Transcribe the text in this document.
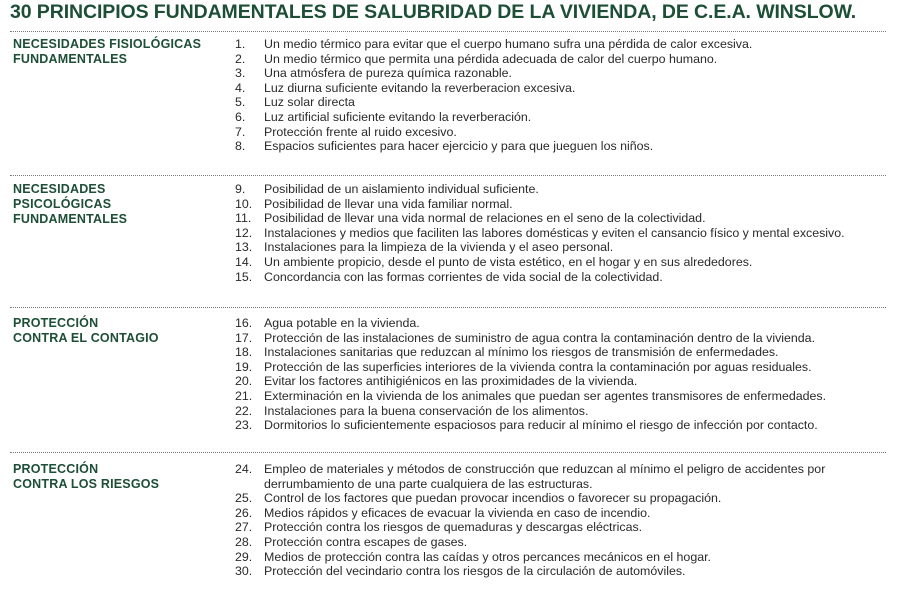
30 PRINCIPIOS FUNDAMENTALES DE SALUBRIDAD DE LA VIVIENDA, DE C.E.A. WINSLOW.
NECESIDADES FISIOLÓGICAS
FUNDAMENTALES
1.	Un medio térmico para evitar que el cuerpo humano sufra una pérdida de calor excesiva.
2.	Un medio térmico que permita una pérdida adecuada de calor del cuerpo humano.
3.	Una atmósfera de pureza química razonable.
4.	Luz diurna suficiente evitando la reverberacion excesiva.
5.	Luz solar directa
6.	Luz artificial suficiente evitando la reverberación.
7.	Protección frente al ruido excesivo.
8.	Espacios suficientes para hacer ejercicio y para que jueguen los niños.
NECESIDADES
PSICOLÓGICAS
FUNDAMENTALES
9.	Posibilidad de un aislamiento individual suficiente.
10. Posibilidad de llevar una vida familiar normal.
11.	Posibilidad de llevar una vida normal de relaciones en el seno de la colectividad.
12. Instalaciones y medios que faciliten las labores domésticas y eviten el cansancio físico y mental excesivo.
13. Instalaciones para la limpieza de la vivienda y el aseo personal.
14. Un ambiente propicio, desde el punto de vista estético, en el hogar y en sus alrededores.
15. Concordancia con las formas corrientes de vida social de la colectividad.
PROTECCIÓN
CONTRA EL CONTAGIO
16. Agua potable en la vivienda.
17. Protección de las instalaciones de suministro de agua contra la contaminación dentro de la vivienda.
18. Instalaciones sanitarias que reduzcan al mínimo los riesgos de transmisión de enfermedades.
19. Protección de las superficies interiores de la vivienda contra la contaminación por aguas residuales.
20. Evitar los factores antihigiénicos en las proximidades de la vivienda.
21. Exterminación en la vivienda de los animales que puedan ser agentes transmisores de enfermedades.
22. Instalaciones para la buena conservación de los alimentos.
23. Dormitorios lo suficientemente espaciosos para reducir al mínimo el riesgo de infección por contacto.
PROTECCIÓN
CONTRA LOS RIESGOS
24. Empleo de materiales y métodos de construcción que reduzcan al mínimo el peligro de accidentes por derrumbamiento de una parte cualquiera de las estructuras.
25. Control de los factores que puedan provocar incendios o favorecer su propagación.
26. Medios rápidos y eficaces de evacuar la vivienda en caso de incendio.
27. Protección contra los riesgos de quemaduras y descargas eléctricas.
28. Protección contra escapes de gases.
29. Medios de protección contra las caídas y otros percances mecánicos en el hogar.
30. Protección del vecindario contra los riesgos de la circulación de automóviles.
